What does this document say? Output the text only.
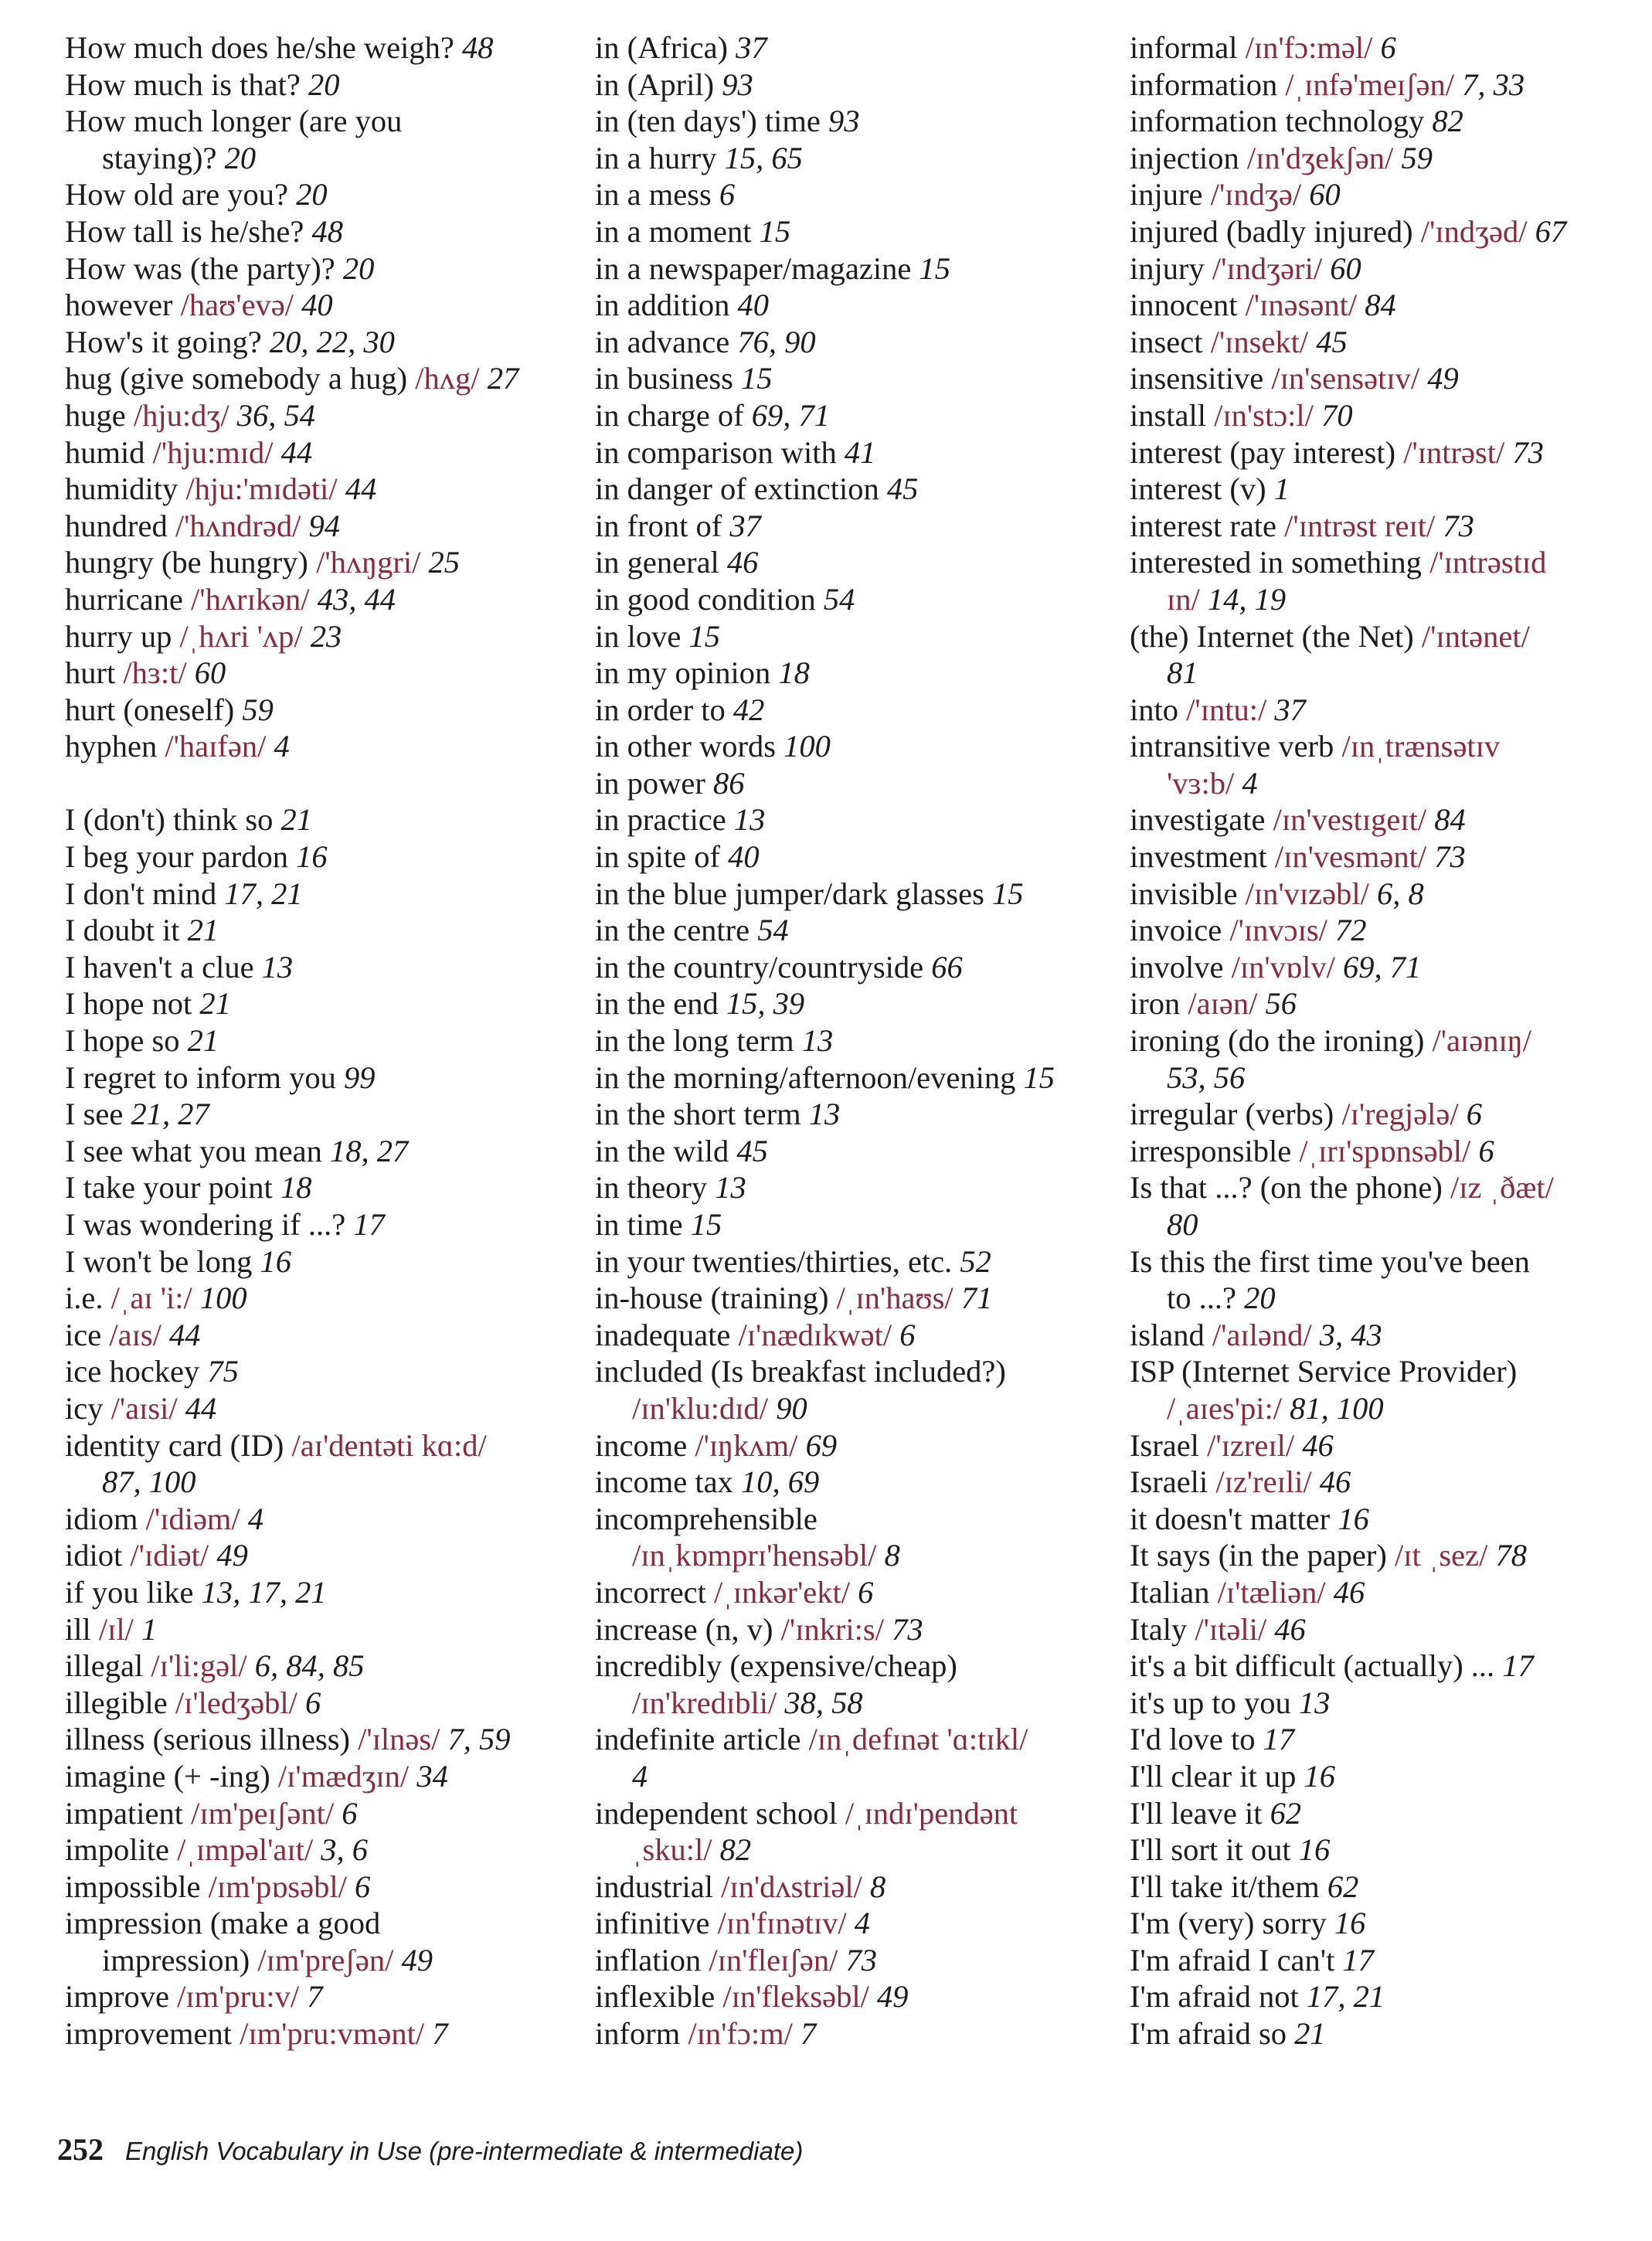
How much does he/she weigh? 48
How much is that? 20
How much longer (are you
staying)? 20
How old are you? 20
How tall is he/she? 48
How was (the party)? 20
however /haʊ'evə/ 40
How's it going? 20, 22, 30
hug (give somebody a hug) /hʌg/ 27
huge /hju:dʒ/ 36, 54
humid /'hju:mɪd/ 44
humidity /hju:'mɪdəti/ 44
hundred /'hʌndrəd/ 94
hungry (be hungry) /'hʌŋgri/ 25
hurricane /'hʌrɪkən/ 43, 44
hurry up /ˌhʌri 'ʌp/ 23
hurt /hɜ:t/ 60
hurt (oneself) 59
hyphen /'haɪfən/ 4
I (don't) think so 21
I beg your pardon 16
I don't mind 17, 21
I doubt it 21
I haven't a clue 13
I hope not 21
I hope so 21
I regret to inform you 99
I see 21, 27
I see what you mean 18, 27
I take your point 18
I was wondering if ...? 17
I won't be long 16
i.e. /ˌaɪ 'i:/ 100
ice /aɪs/ 44
ice hockey 75
icy /'aɪsi/ 44
identity card (ID) /aɪ'dentəti kɑ:d/
87, 100
idiom /'ɪdiəm/ 4
idiot /'ɪdiət/ 49
if you like 13, 17, 21
ill /ɪl/ 1
illegal /ɪ'li:gəl/ 6, 84, 85
illegible /ɪ'ledʒəbl/ 6
illness (serious illness) /'ɪlnəs/ 7, 59
imagine (+ -ing) /ɪ'mædʒɪn/ 34
impatient /ɪm'peɪʃənt/ 6
impolite /ˌɪmpəl'aɪt/ 3, 6
impossible /ɪm'pɒsəbl/ 6
impression (make a good
impression) /ɪm'preʃən/ 49
improve /ɪm'pru:v/ 7
improvement /ɪm'pru:vmənt/ 7
in (Africa) 37
in (April) 93
in (ten days') time 93
in a hurry 15, 65
in a mess 6
in a moment 15
in a newspaper/magazine 15
in addition 40
in advance 76, 90
in business 15
in charge of 69, 71
in comparison with 41
in danger of extinction 45
in front of 37
in general 46
in good condition 54
in love 15
in my opinion 18
in order to 42
in other words 100
in power 86
in practice 13
in spite of 40
in the blue jumper/dark glasses 15
in the centre 54
in the country/countryside 66
in the end 15, 39
in the long term 13
in the morning/afternoon/evening 15
in the short term 13
in the wild 45
in theory 13
in time 15
in your twenties/thirties, etc. 52
in-house (training) /ˌɪn'haʊs/ 71
inadequate /ɪ'nædɪkwət/ 6
included (Is breakfast included?)
/ɪn'klu:dɪd/ 90
income /'ɪŋkʌm/ 69
income tax 10, 69
incomprehensible
/ɪnˌkɒmprɪ'hensəbl/ 8
incorrect /ˌɪnkər'ekt/ 6
increase (n, v) /'ɪnkri:s/ 73
incredibly (expensive/cheap)
/ɪn'kredɪbli/ 38, 58
indefinite article /ɪnˌdefɪnət 'ɑ:tɪkl/
4
independent school /ˌɪndɪ'pendənt
ˌsku:l/ 82
industrial /ɪn'dʌstriəl/ 8
infinitive /ɪn'fɪnətɪv/ 4
inflation /ɪn'fleɪʃən/ 73
inflexible /ɪn'fleksəbl/ 49
inform /ɪn'fɔ:m/ 7
informal /ɪn'fɔ:məl/ 6
information /ˌɪnfə'meɪʃən/ 7, 33
information technology 82
injection /ɪn'dʒekʃən/ 59
injure /'ɪndʒə/ 60
injured (badly injured) /'ɪndʒəd/ 67
injury /'ɪndʒəri/ 60
innocent /'ɪnəsənt/ 84
insect /'ɪnsekt/ 45
insensitive /ɪn'sensətɪv/ 49
install /ɪn'stɔ:l/ 70
interest (pay interest) /'ɪntrəst/ 73
interest (v) 1
interest rate /'ɪntrəst reɪt/ 73
interested in something /'ɪntrəstɪd
ɪn/ 14, 19
(the) Internet (the Net) /'ɪntənet/
81
into /'ɪntu:/ 37
intransitive verb /ɪnˌtrænsətɪv
'vɜ:b/ 4
investigate /ɪn'vestɪgeɪt/ 84
investment /ɪn'vesmənt/ 73
invisible /ɪn'vɪzəbl/ 6, 8
invoice /'ɪnvɔɪs/ 72
involve /ɪn'vɒlv/ 69, 71
iron /aɪən/ 56
ironing (do the ironing) /'aɪənɪŋ/
53, 56
irregular (verbs) /ɪ'regjələ/ 6
irresponsible /ˌɪrɪ'spɒnsəbl/ 6
Is that ...? (on the phone) /ɪz ˌðæt/
80
Is this the first time you've been
to ...? 20
island /'aɪlənd/ 3, 43
ISP (Internet Service Provider)
/ˌaɪes'pi:/ 81, 100
Israel /'ɪzreɪl/ 46
Israeli /ɪz'reɪli/ 46
it doesn't matter 16
It says (in the paper) /ɪt ˌsez/ 78
Italian /ɪ'tæliən/ 46
Italy /'ɪtəli/ 46
it's a bit difficult (actually) ... 17
it's up to you 13
I'd love to 17
I'll clear it up 16
I'll leave it 62
I'll sort it out 16
I'll take it/them 62
I'm (very) sorry 16
I'm afraid I can't 17
I'm afraid not 17, 21
I'm afraid so 21
252 English Vocabulary in Use (pre-intermediate & intermediate)
